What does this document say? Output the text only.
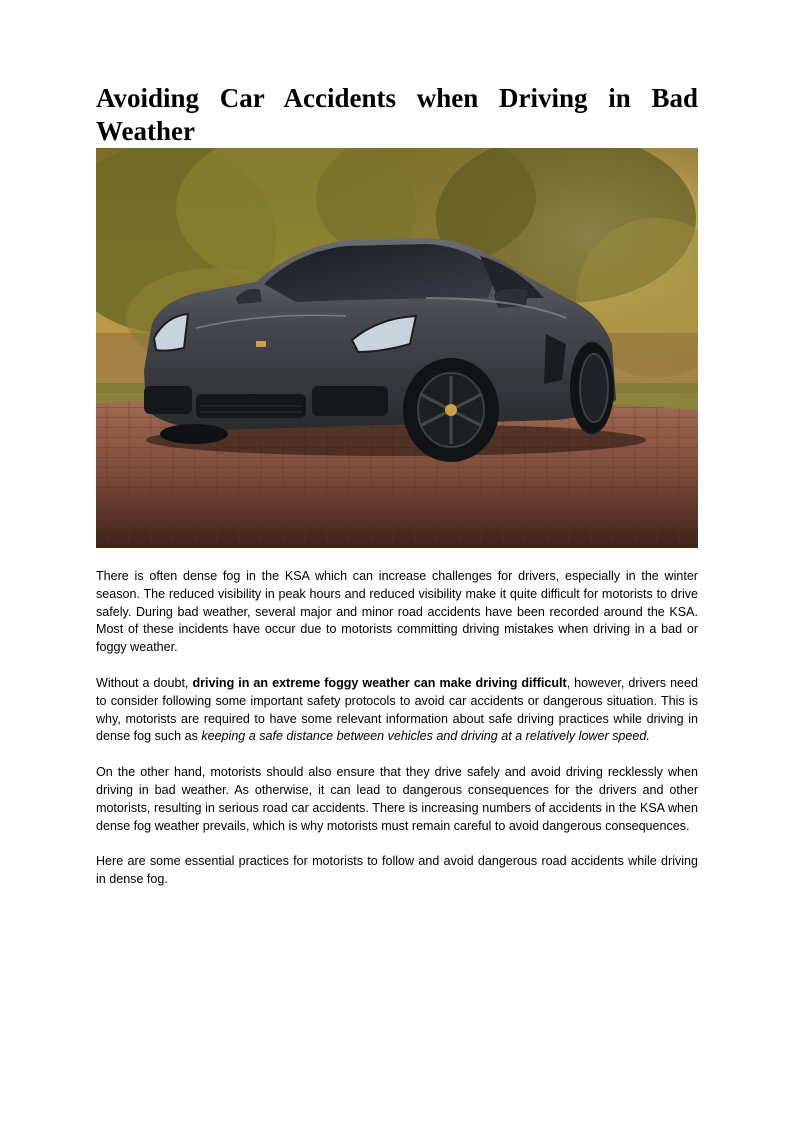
Avoiding Car Accidents when Driving in Bad Weather

There is often dense fog in the KSA which can increase challenges for drivers, especially in the winter season. The reduced visibility in peak hours and reduced visibility make it quite difficult for motorists to drive safely. During bad weather, several major and minor road accidents have been recorded around the KSA. Most of these incidents have occur due to motorists committing driving mistakes when driving in a bad or foggy weather.

Without a doubt, driving in an extreme foggy weather can make driving difficult, however, drivers need to consider following some important safety protocols to avoid car accidents or dangerous situation. This is why, motorists are required to have some relevant information about safe driving practices while driving in dense fog such as keeping a safe distance between vehicles and driving at a relatively lower speed.

On the other hand, motorists should also ensure that they drive safely and avoid driving recklessly when driving in bad weather. As otherwise, it can lead to dangerous consequences for the drivers and other motorists, resulting in serious road car accidents. There is increasing numbers of accidents in the KSA when dense fog weather prevails, which is why motorists must remain careful to avoid dangerous consequences.

Here are some essential practices for motorists to follow and avoid dangerous road accidents while driving in dense fog.
